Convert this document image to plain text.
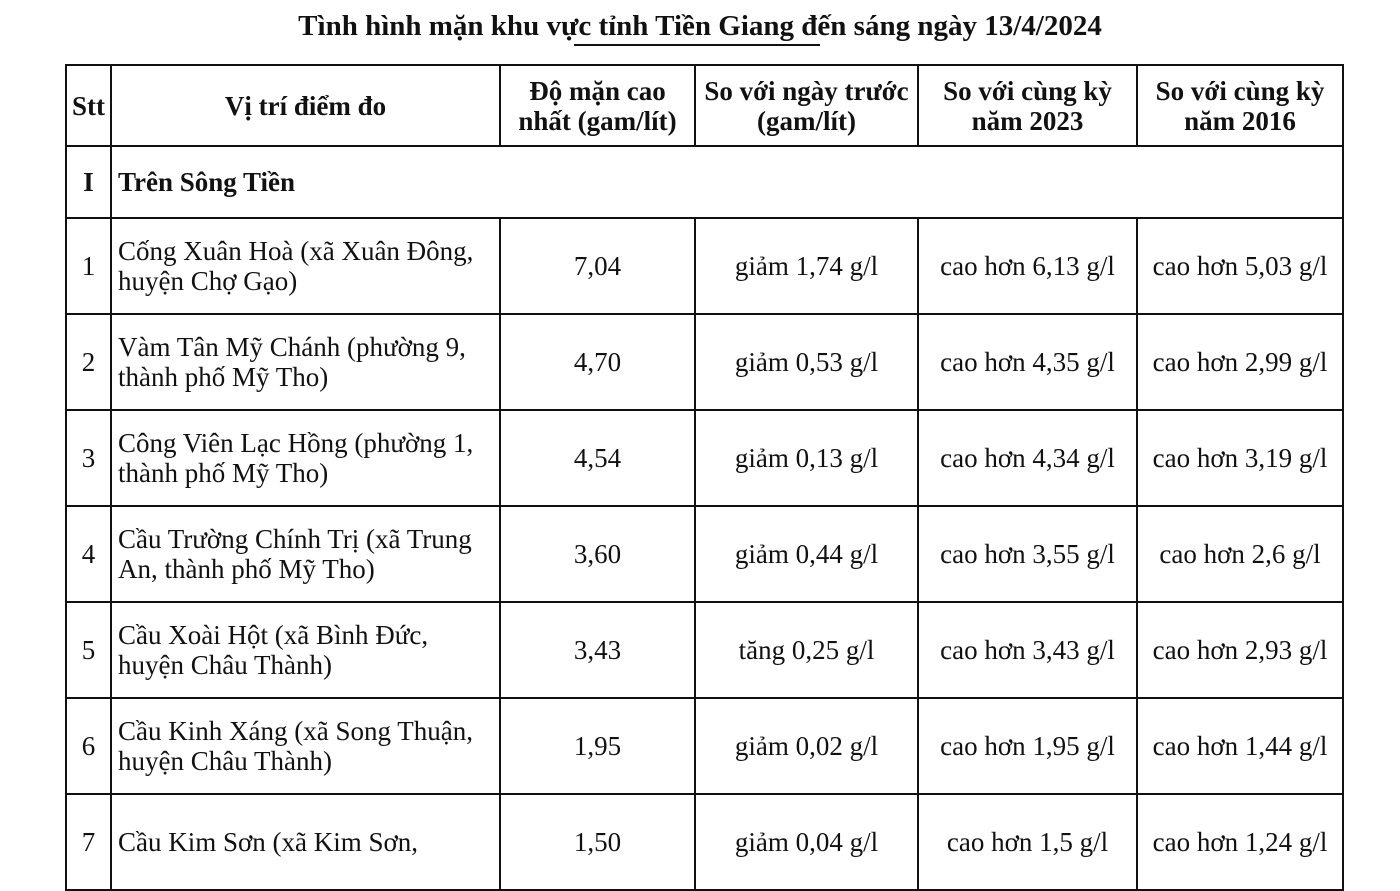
Tình hình mặn khu vực tỉnh Tiền Giang đến sáng ngày 13/4/2024
Stt	Vị trí điểm đo	Độ mặn cao nhất (gam/lít)	So với ngày trước (gam/lít)	So với cùng kỳ năm 2023	So với cùng kỳ năm 2016
I	Trên Sông Tiền				
1	Cống Xuân Hoà (xã Xuân Đông, huyện Chợ Gạo)	7,04	giảm 1,74 g/l	cao hơn 6,13 g/l	cao hơn 5,03 g/l
2	Vàm Tân Mỹ Chánh (phường 9, thành phố Mỹ Tho)	4,70	giảm 0,53 g/l	cao hơn 4,35 g/l	cao hơn 2,99 g/l
3	Công Viên Lạc Hồng (phường 1, thành phố Mỹ Tho)	4,54	giảm 0,13 g/l	cao hơn 4,34 g/l	cao hơn 3,19 g/l
4	Cầu Trường Chính Trị (xã Trung An, thành phố Mỹ Tho)	3,60	giảm 0,44 g/l	cao hơn 3,55 g/l	cao hơn 2,6 g/l
5	Cầu Xoài Hột (xã Bình Đức, huyện Châu Thành)	3,43	tăng 0,25 g/l	cao hơn 3,43 g/l	cao hơn 2,93 g/l
6	Cầu Kinh Xáng (xã Song Thuận, huyện Châu Thành)	1,95	giảm 0,02 g/l	cao hơn 1,95 g/l	cao hơn 1,44 g/l
7	Cầu Kim Sơn (xã Kim Sơn,	1,50	giảm 0,04 g/l	cao hơn 1,5 g/l	cao hơn 1,24 g/l
